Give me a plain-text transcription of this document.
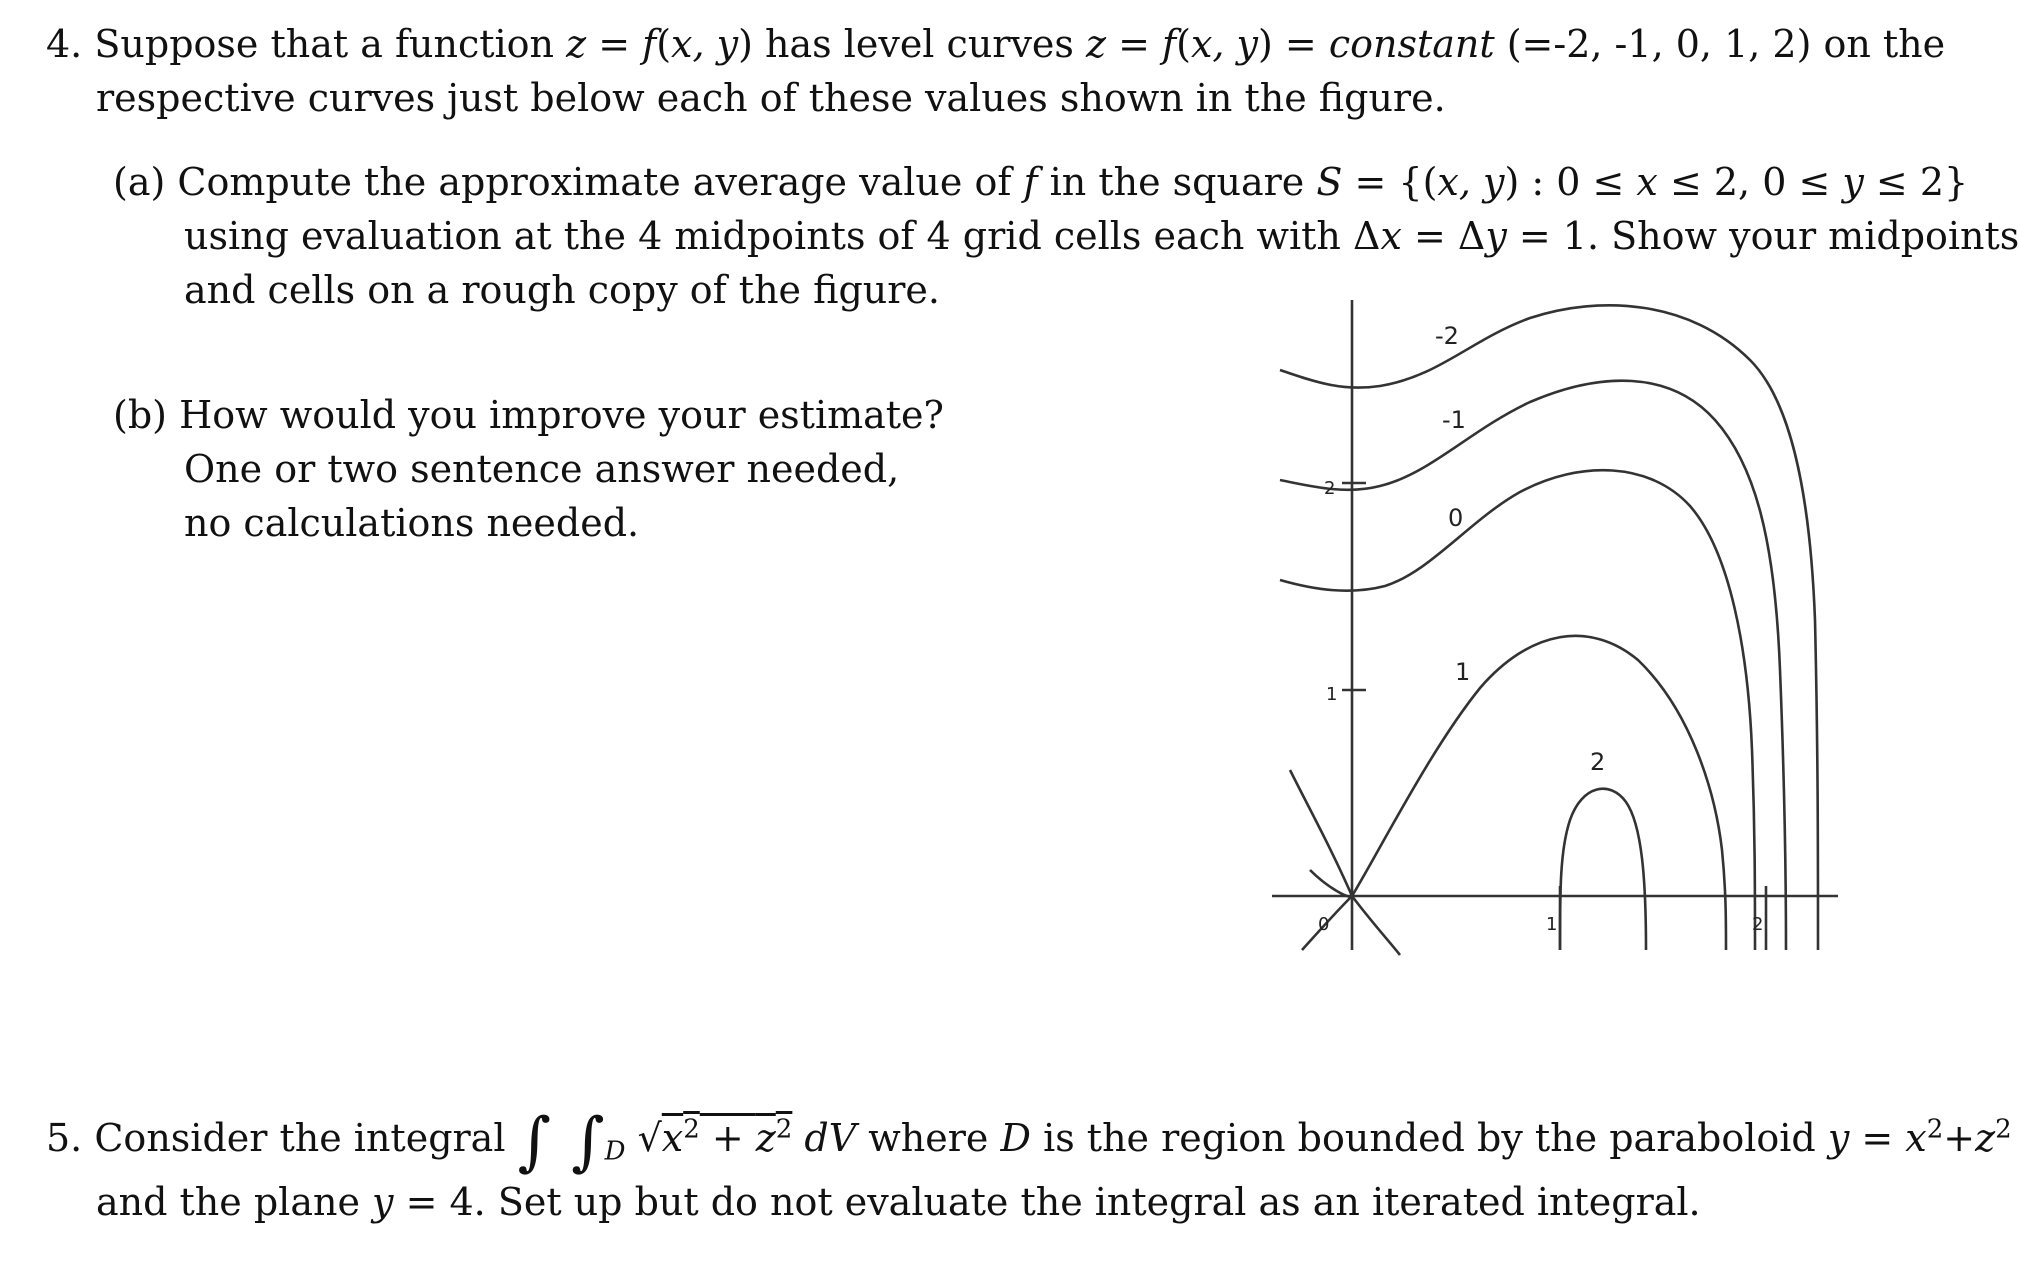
4. Suppose that a function z = f(x, y) has level curves z = f(x, y) = constant (=-2, -1, 0, 1, 2) on the
respective curves just below each of these values shown in the figure.
(a) Compute the approximate average value of f in the square S = {(x, y) : 0 ≤ x ≤ 2, 0 ≤ y ≤ 2}
using evaluation at the 4 midpoints of 4 grid cells each with Δx = Δy = 1. Show your midpoints
and cells on a rough copy of the figure.
(b) How would you improve your estimate?
One or two sentence answer needed,
no calculations needed.
-2
-1
0
1
2
2
1
0	1	2
5. Consider the integral ∫ $\int_D$ $√x^2 + z^2$ dV where D is the region bounded by the paraboloid $y = x^2+z^2$
and the plane y = 4. Set up but do not evaluate the integral as an iterated integral.
